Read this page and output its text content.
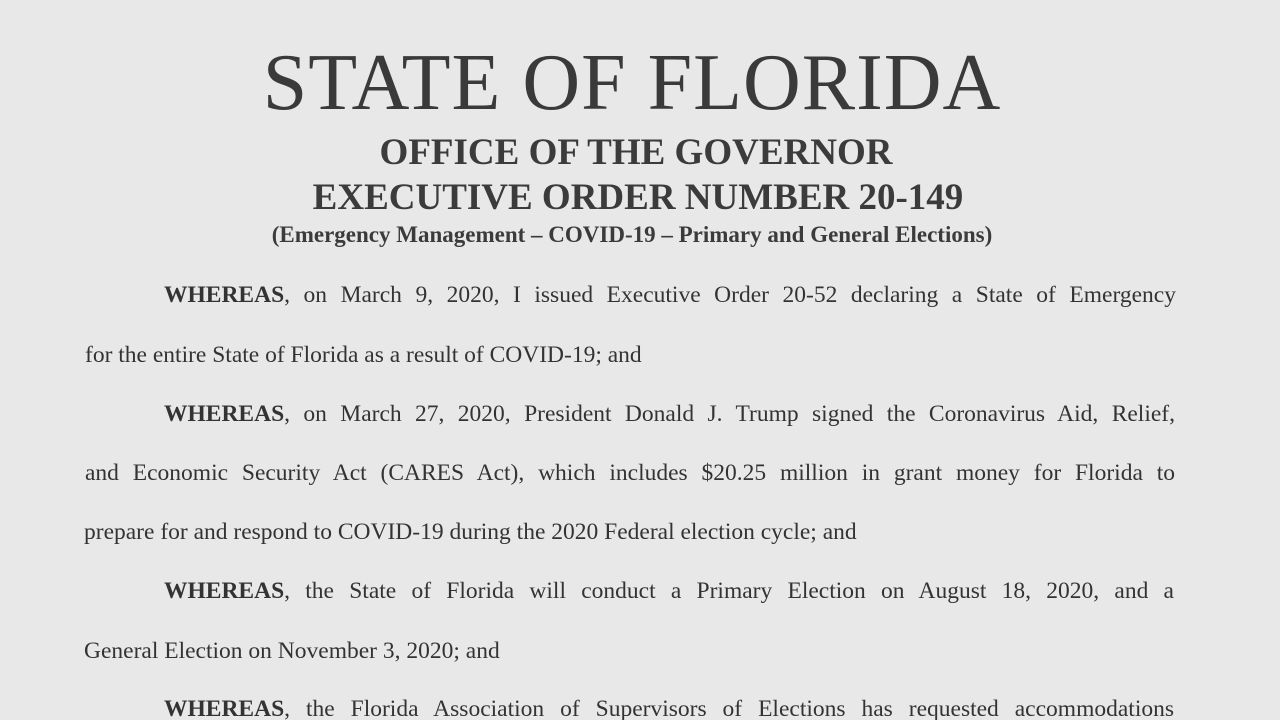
STATE OF FLORIDA
OFFICE OF THE GOVERNOR
EXECUTIVE ORDER NUMBER 20-149
(Emergency Management – COVID-19 – Primary and General Elections)
WHEREAS, on March 9, 2020, I issued Executive Order 20-52 declaring a State of Emergency
for the entire State of Florida as a result of COVID-19; and
WHEREAS, on March 27, 2020, President Donald J. Trump signed the Coronavirus Aid, Relief,
and Economic Security Act (CARES Act), which includes $20.25 million in grant money for Florida to
prepare for and respond to COVID-19 during the 2020 Federal election cycle; and
WHEREAS, the State of Florida will conduct a Primary Election on August 18, 2020, and a
General Election on November 3, 2020; and
WHEREAS, the Florida Association of Supervisors of Elections has requested accommodations
